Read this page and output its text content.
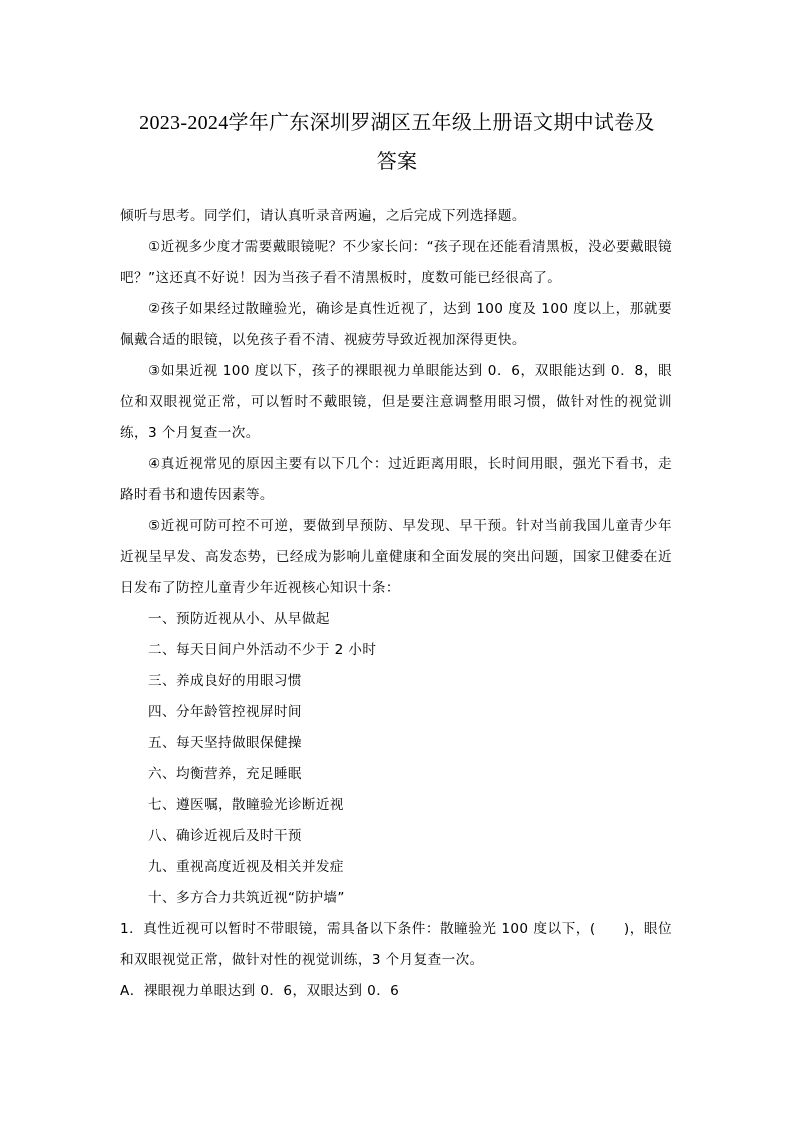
2023-2024学年广东深圳罗湖区五年级上册语文期中试卷及
答案

倾听与思考。同学们，请认真听录音两遍，之后完成下列选择题。

①近视多少度才需要戴眼镜呢？不少家长问：“孩子现在还能看清黑板，没必要戴眼镜吧？”这还真不好说！因为当孩子看不清黑板时，度数可能已经很高了。

②孩子如果经过散瞳验光，确诊是真性近视了，达到 100 度及 100 度以上，那就要佩戴合适的眼镜，以免孩子看不清、视疲劳导致近视加深得更快。

③如果近视 100 度以下，孩子的裸眼视力单眼能达到 0．6，双眼能达到 0．8，眼位和双眼视觉正常，可以暂时不戴眼镜，但是要注意调整用眼习惯，做针对性的视觉训练，3 个月复查一次。

④真近视常见的原因主要有以下几个：过近距离用眼，长时间用眼，强光下看书，走路时看书和遗传因素等。

⑤近视可防可控不可逆，要做到早预防、早发现、早干预。针对当前我国儿童青少年近视呈早发、高发态势，已经成为影响儿童健康和全面发展的突出问题，国家卫健委在近日发布了防控儿童青少年近视核心知识十条：

一、预防近视从小、从早做起

二、每天日间户外活动不少于 2 小时

三、养成良好的用眼习惯

四、分年龄管控视屏时间

五、每天坚持做眼保健操

六、均衡营养，充足睡眠

七、遵医嘱，散瞳验光诊断近视

八、确诊近视后及时干预

九、重视高度近视及相关并发症

十、多方合力共筑近视“防护墙”

1．真性近视可以暂时不带眼镜，需具备以下条件：散瞳验光 100 度以下，(　　)，眼位和双眼视觉正常，做针对性的视觉训练，3 个月复查一次。

A．裸眼视力单眼达到 0．6，双眼达到 0．6
